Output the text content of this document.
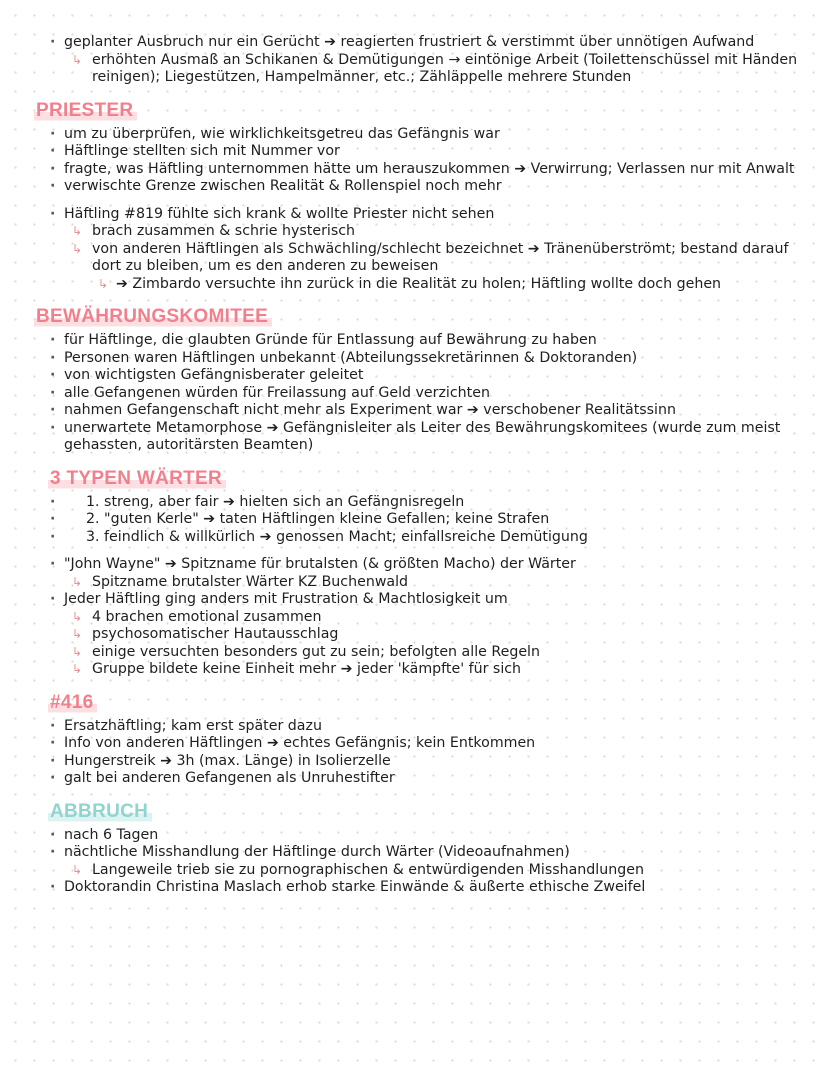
· geplanter Ausbruch nur ein Gerücht ➔ reagierten frustriert & verstimmt über unnötigen Aufwand

↳ erhöhten Ausmaß an Schikanen & Demütigungen → eintönige Arbeit (Toilettenschüssel mit Händen reinigen); Liegestützen, Hampelmänner, etc.; Zähläppelle mehrere Stunden

PRIESTER

· um zu überprüfen, wie wirklichkeitsgetreu das Gefängnis war

· Häftlinge stellten sich mit Nummer vor

· fragte, was Häftling unternommen hätte um herauszukommen ➔ Verwirrung; Verlassen nur mit Anwalt

· verwischte Grenze zwischen Realität & Rollenspiel noch mehr

· Häftling #819 fühlte sich krank & wollte Priester nicht sehen

↳ brach zusammen & schrie hysterisch

↳ von anderen Häftlingen als Schwächling/schlecht bezeichnet ➔ Tränenüberströmt; bestand darauf dort zu bleiben, um es den anderen zu beweisen

↳ ➔ Zimbardo versuchte ihn zurück in die Realität zu holen; Häftling wollte doch gehen

BEWÄHRUNGSKOMITEE

· für Häftlinge, die glaubten Gründe für Entlassung auf Bewährung zu haben

· Personen waren Häftlingen unbekannt (Abteilungssekretärinnen & Doktoranden)

· von wichtigsten Gefängnisberater geleitet

· alle Gefangenen würden für Freilassung auf Geld verzichten

· nahmen Gefangenschaft nicht mehr als Experiment war ➔ verschobener Realitätssinn

· unerwartete Metamorphose ➔ Gefängnisleiter als Leiter des Bewährungskomitees (wurde zum meist gehassten, autoritärsten Beamten)

3 TYPEN WÄRTER

· 1. streng, aber fair ➔ hielten sich an Gefängnisregeln

· 2. "guten Kerle" ➔ taten Häftlingen kleine Gefallen; keine Strafen

· 3. feindlich & willkürlich ➔ genossen Macht; einfallsreiche Demütigung

· "John Wayne" ➔ Spitzname für brutalsten (& größten Macho) der Wärter

↳ Spitzname brutalster Wärter KZ Buchenwald

· Jeder Häftling ging anders mit Frustration & Machtlosigkeit um

↳ 4 brachen emotional zusammen

↳ psychosomatischer Hautausschlag

↳ einige versuchten besonders gut zu sein; befolgten alle Regeln

↳ Gruppe bildete keine Einheit mehr ➔ jeder 'kämpfte' für sich

#416

· Ersatzhäftling; kam erst später dazu

· Info von anderen Häftlingen ➔ echtes Gefängnis; kein Entkommen

· Hungerstreik ➔ 3h (max. Länge) in Isolierzelle

· galt bei anderen Gefangenen als Unruhestifter

ABBRUCH

· nach 6 Tagen

· nächtliche Misshandlung der Häftlinge durch Wärter (Videoaufnahmen)

↳ Langeweile trieb sie zu pornographischen & entwürdigenden Misshandlungen

· Doktorandin Christina Maslach erhob starke Einwände & äußerte ethische Zweifel
